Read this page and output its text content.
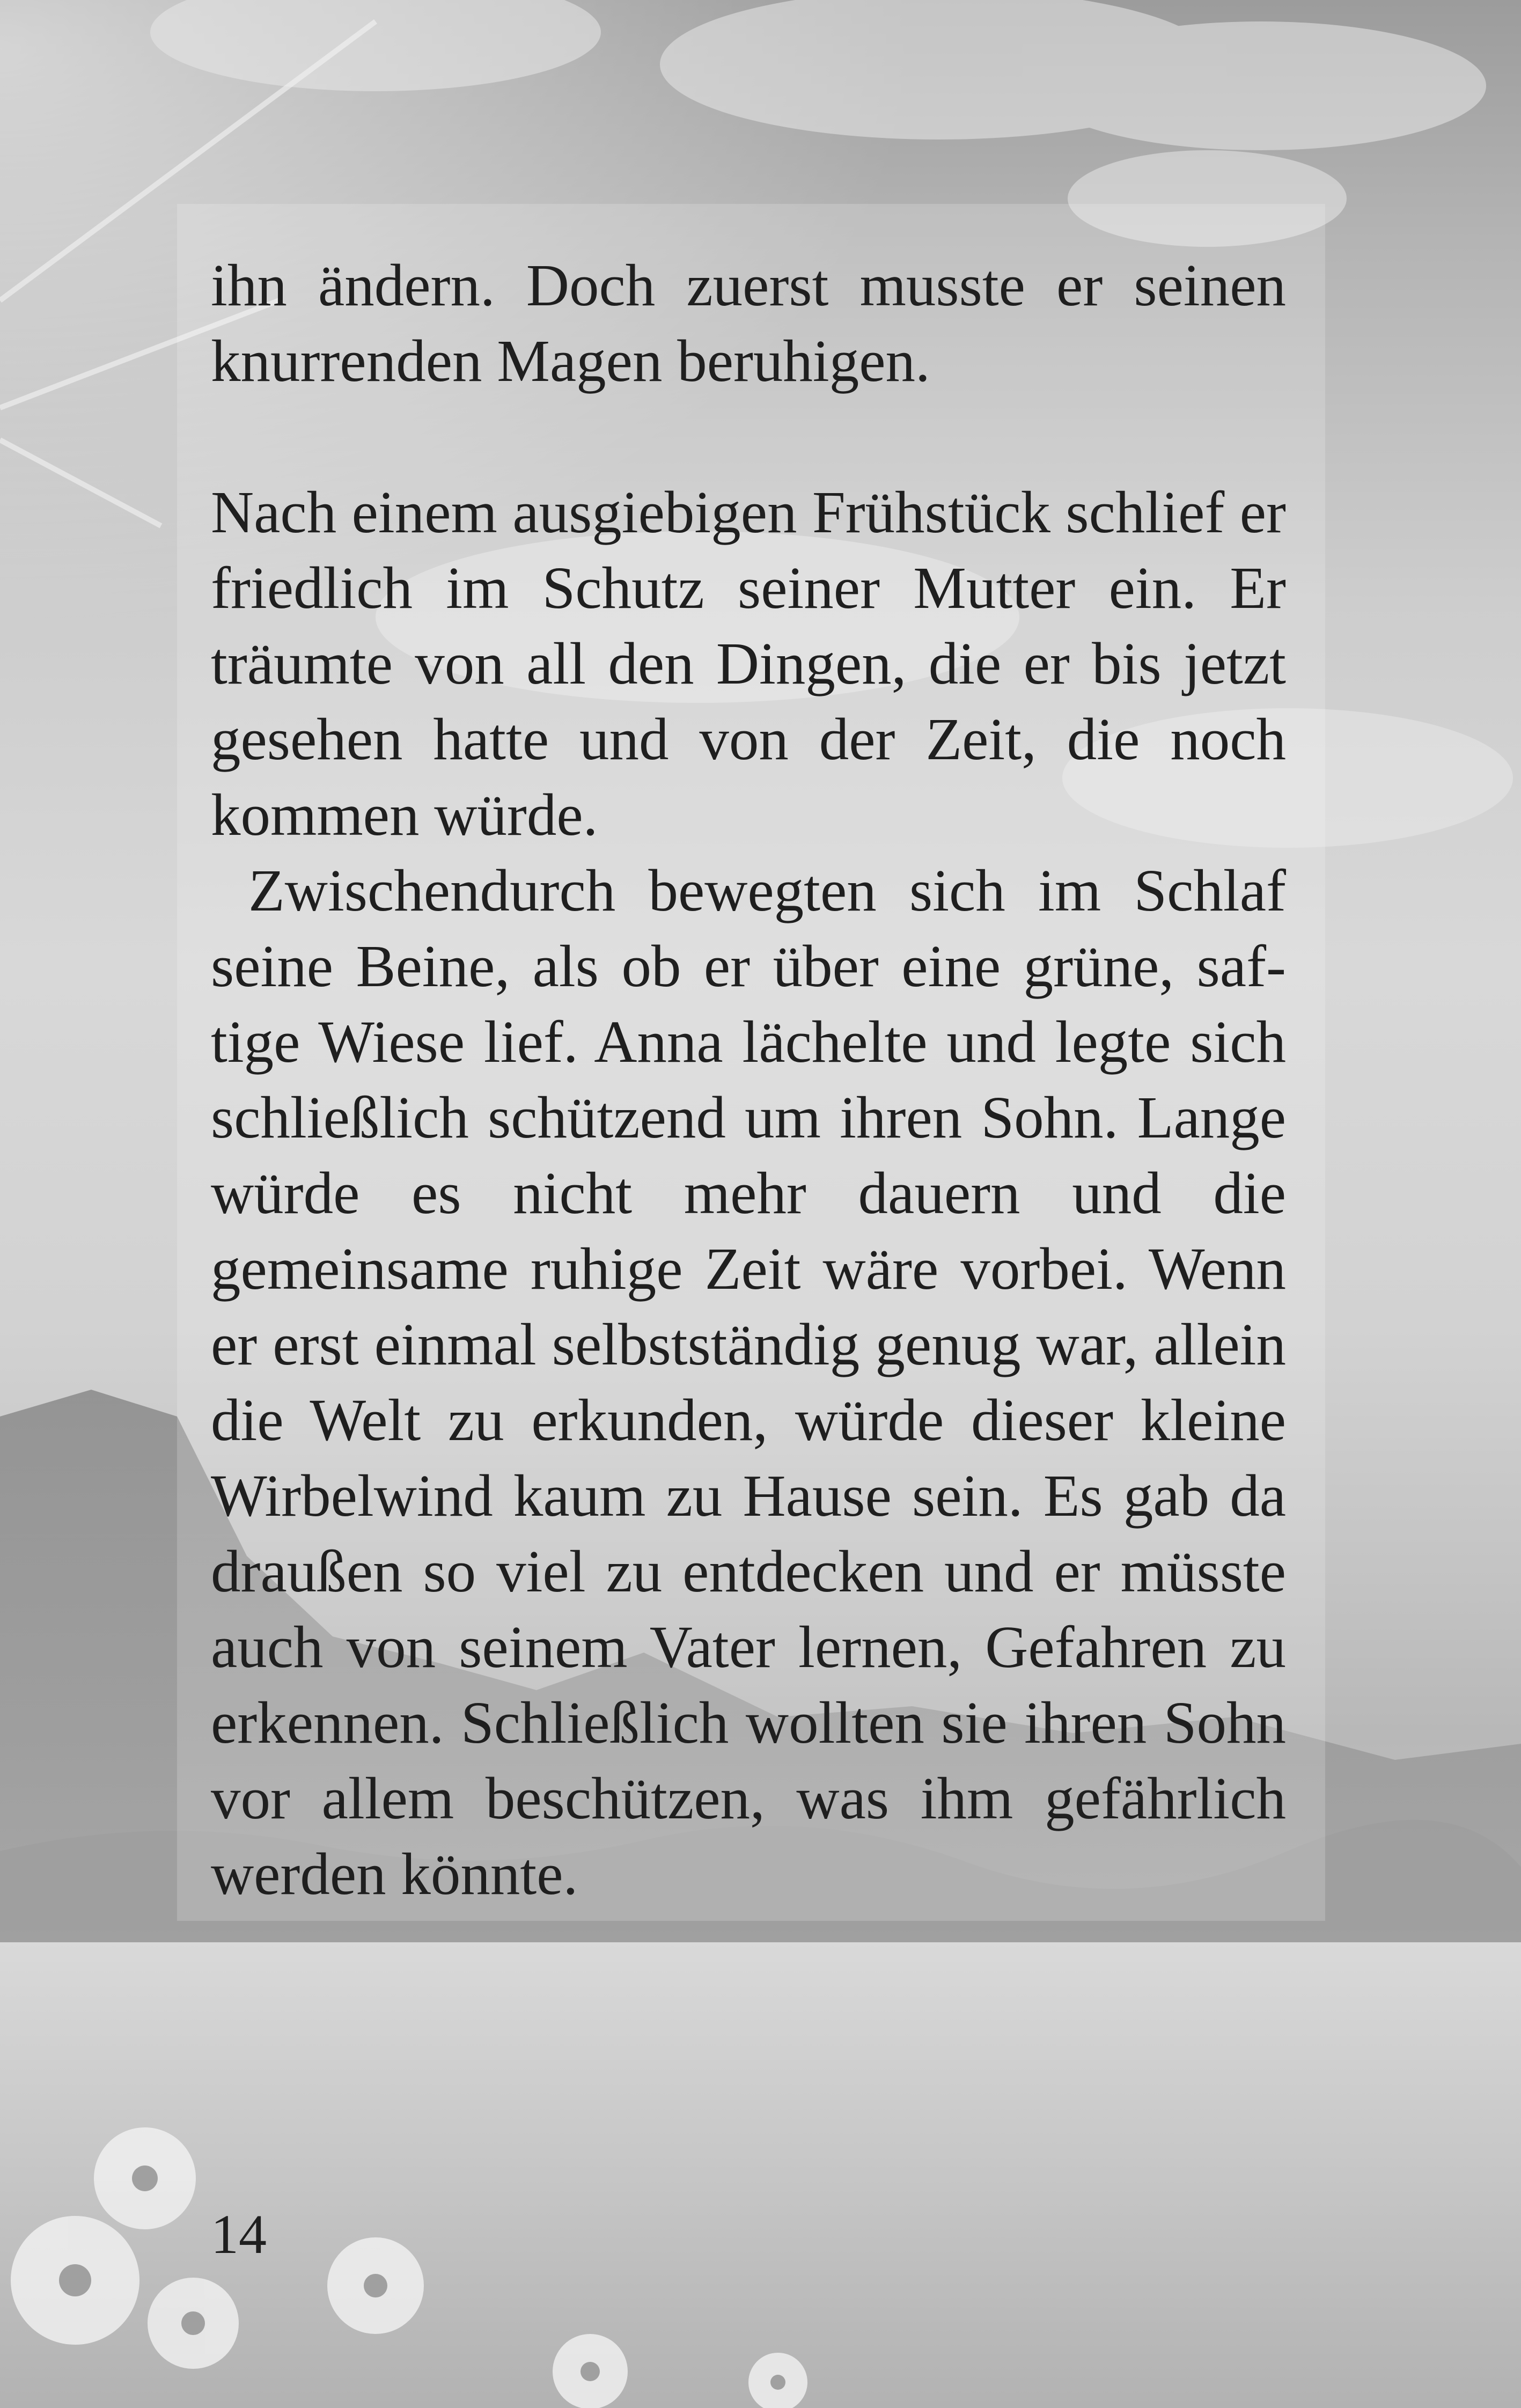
ihn ändern. Doch zuerst musste er seinen knurrenden Magen beruhigen.

Nach einem ausgiebigen Frühstück schlief er friedlich im Schutz seiner Mutter ein. Er träumte von all den Dingen, die er bis jetzt gesehen hatte und von der Zeit, die noch kommen würde.

Zwischendurch bewegten sich im Schlaf seine Beine, als ob er über eine grüne, saftige Wiese lief. Anna lächelte und legte sich schließlich schützend um ihren Sohn. Lange würde es nicht mehr dauern und die gemeinsame ruhige Zeit wäre vorbei. Wenn er erst einmal selbstständig genug war, allein die Welt zu erkunden, würde dieser kleine Wirbelwind kaum zu Hause sein. Es gab da draußen so viel zu entdecken und er müsste auch von seinem Vater lernen, Gefahren zu erkennen. Schließlich wollten sie ihren Sohn vor allem beschützen, was ihm gefährlich werden könnte.

14
